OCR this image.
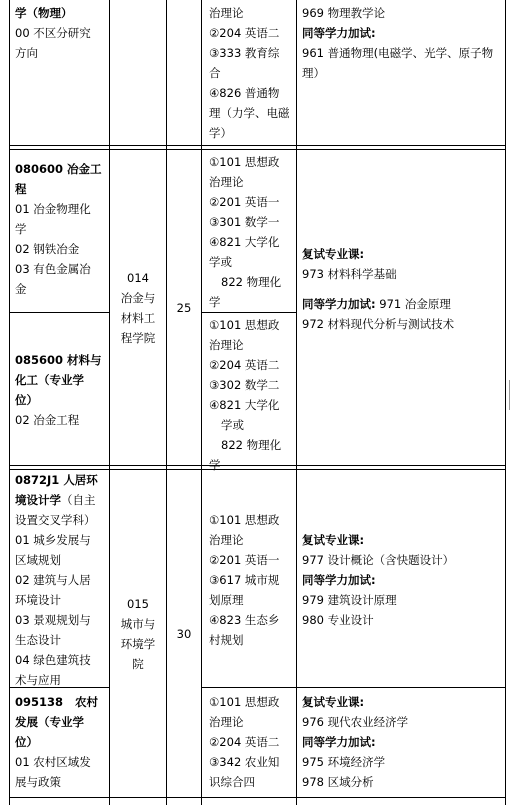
学（物理）
00 不区分研究
方向
治理论
②204 英语二
③333 教育综
合
④826 普通物
理（力学、电磁
学）
969 物理教学论
同等学力加试:
961 普通物理(电磁学、光学、原子物
理）
014
冶金与
材料工
程学院
25
080600 冶金工
程
01 冶金物理化
学
02 钢铁冶金
03 有色金属冶
金
①101 思想政
治理论
②201 英语一
③301 数学一
④821 大学化
学或
822 物理化
学
复试专业课:
973 材料科学基础
同等学力加试: 971 冶金原理
972 材料现代分析与测试技术
085600 材料与
化工（专业学
位）
02 冶金工程
①101 思想政
治理论
②204 英语二
③302 数学二
④821 大学化
学或
822 物理化
学
015
城市与
环境学
院
30
0872J1 人居环
境设计学（自主
设置交叉学科）
01 城乡发展与
区域规划
02 建筑与人居
环境设计
03 景观规划与
生态设计
04 绿色建筑技
术与应用
①101 思想政
治理论
②201 英语一
③617 城市规
划原理
④823 生态乡
村规划
复试专业课:
977 设计概论（含快题设计）
同等学力加试:
979 建筑设计原理
980 专业设计
095138 农村
发展（专业学
位）
01 农村区域发
展与政策
①101 思想政
治理论
②204 英语二
③342 农业知
识综合四
复试专业课:
976 现代农业经济学
同等学力加试:
975 环境经济学
978 区域分析
